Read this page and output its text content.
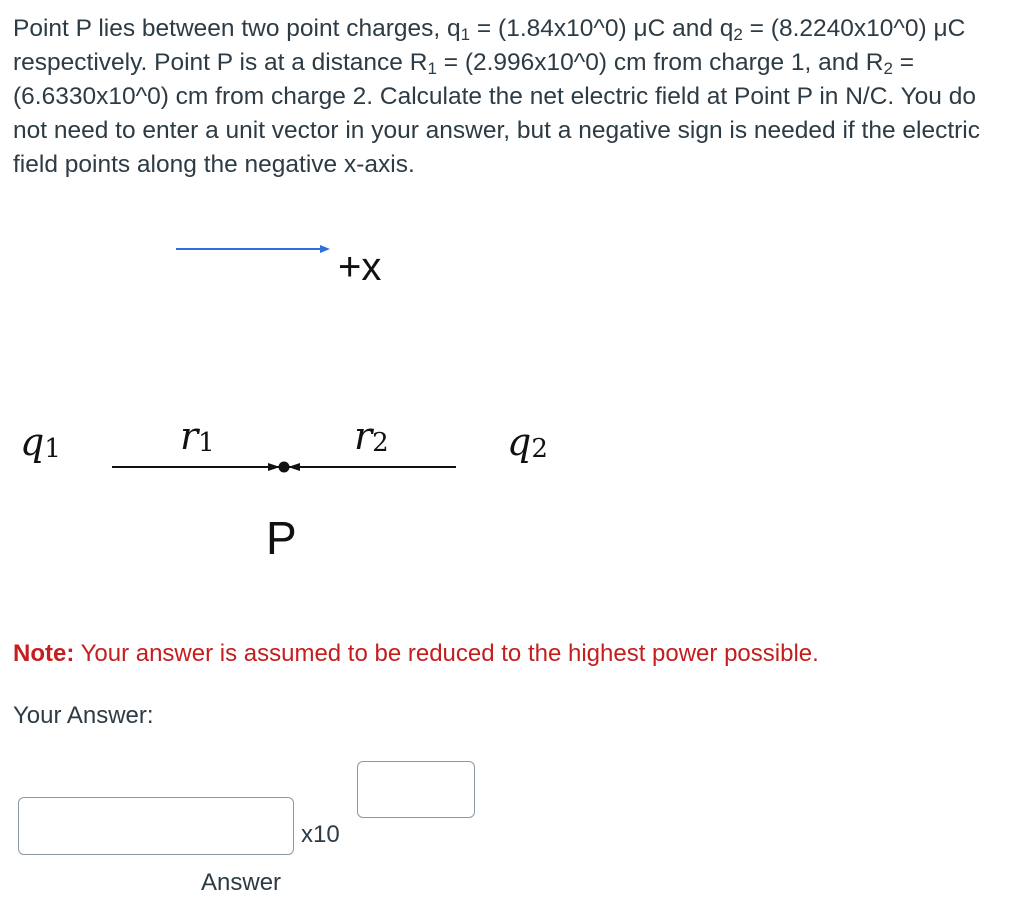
Point P lies between two point charges, $q_1$ = (1.84x10^0) μC and $q_2$ = (8.2240x10^0) μC respectively. Point P is at a distance $R_1$ = (2.996x10^0) cm from charge 1, and $R_2$ = (6.6330x10^0) cm from charge 2. Calculate the net electric field at Point P in N/C. You do not need to enter a unit vector in your answer, but a negative sign is needed if the electric field points along the negative x-axis.

+x
$q_1$	$r_1$	$r_2$	$q_2$
P
Note: Your answer is assumed to be reduced to the highest power possible.
Your Answer:
x10
Answer
